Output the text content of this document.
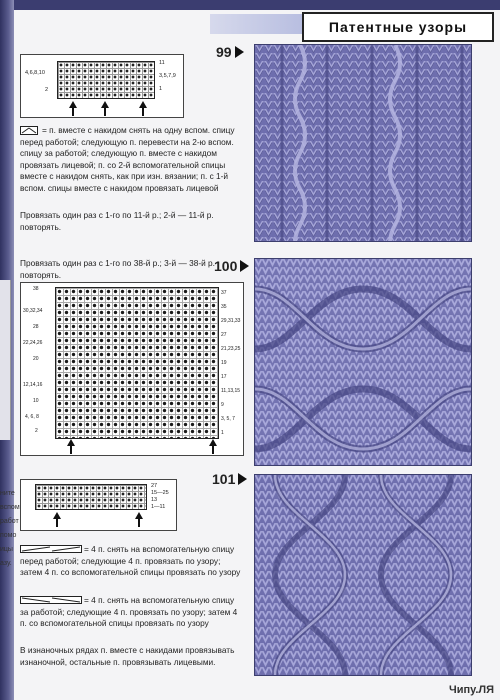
Патентные узоры
4,6,8,10
2
11
3,5,7,9
1
= п. вместе с накидом снять на одну вспом. спицу перед работой; следующую п. перевести на 2-ю вспом. спицу за работой; следующую п. вместе с накидом провязать лицевой; п. со 2-й вспомогательной спицы вместе с накидом снять, как при изн. вязании; п. с 1-й вспом. спицы вместе с накидом провязать лицевой
Провязать один раз с 1-го по 11-й р.; 2-й — 11-й р. повторять.
99
Провязать один раз с 1-го по 38-й р.; 3-й — 38-й р. повторять.
100
38
30,32,34
28
22,24,26
20
12,14,16
10
4, 6, 8
2
37
35
29,31,33
27
21,23,25
19
17
11,13,15
9
3, 5, 7
1
101
27
15—25
13
1—11
= 4 п. снять на вспомогательную спицу перед работой; следующие 4 п. провязать по узору; затем 4 п. со вспомогательной спицы провязать по узору
= 4 п. снять на вспомогательную спицу за работой; следующие 4 п. провязать по узору; затем 4 п. со вспомогательной спицы провязать по узору
В изнаночных рядах п. вместе с накидами провязывать изнаночной, остальные п. провязывать лицевыми.
ните
вспом
работ
помо
ицы
азу.
Чипу.ЛЯ
